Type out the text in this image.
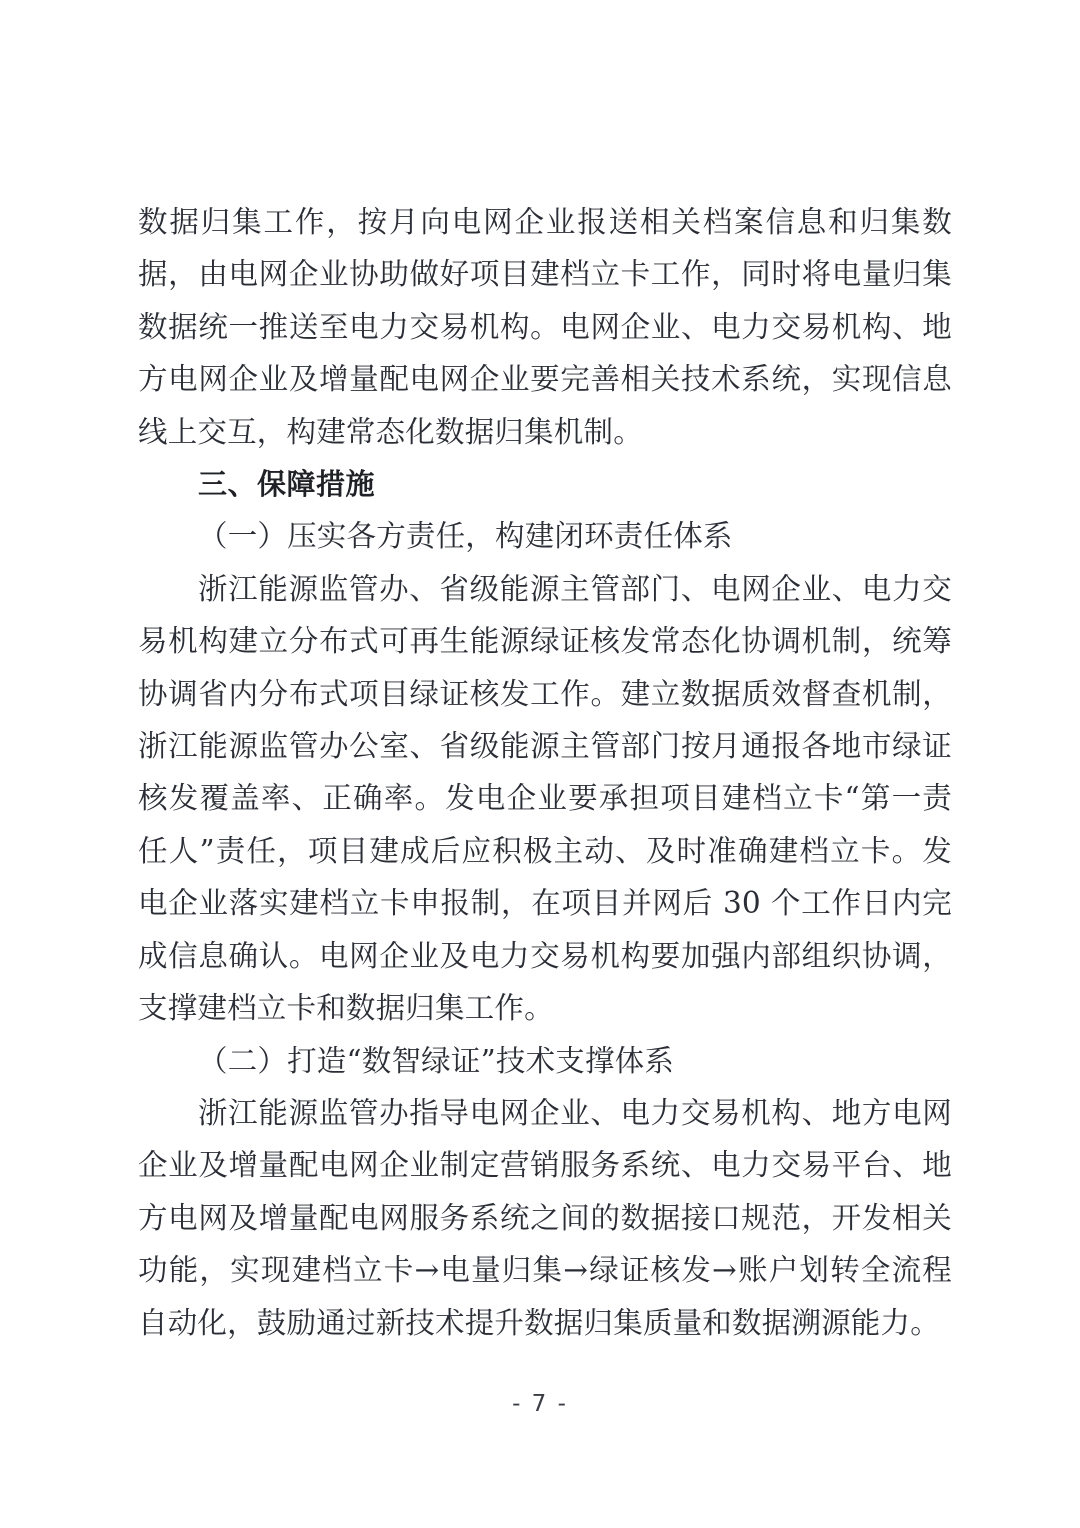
数据归集工作，按月向电网企业报送相关档案信息和归集数据，由电网企业协助做好项目建档立卡工作，同时将电量归集数据统一推送至电力交易机构。电网企业、电力交易机构、地方电网企业及增量配电网企业要完善相关技术系统，实现信息线上交互，构建常态化数据归集机制。

三、保障措施
（一）压实各方责任，构建闭环责任体系

浙江能源监管办、省级能源主管部门、电网企业、电力交易机构建立分布式可再生能源绿证核发常态化协调机制，统筹协调省内分布式项目绿证核发工作。建立数据质效督查机制，浙江能源监管办公室、省级能源主管部门按月通报各地市绿证核发覆盖率、正确率。发电企业要承担项目建档立卡“第一责任人”责任，项目建成后应积极主动、及时准确建档立卡。发电企业落实建档立卡申报制，在项目并网后 30 个工作日内完成信息确认。电网企业及电力交易机构要加强内部组织协调，支撑建档立卡和数据归集工作。

（二）打造“数智绿证”技术支撑体系

浙江能源监管办指导电网企业、电力交易机构、地方电网企业及增量配电网企业制定营销服务系统、电力交易平台、地方电网及增量配电网服务系统之间的数据接口规范，开发相关功能，实现建档立卡→电量归集→绿证核发→账户划转全流程自动化，鼓励通过新技术提升数据归集质量和数据溯源能力。

- 7 -
